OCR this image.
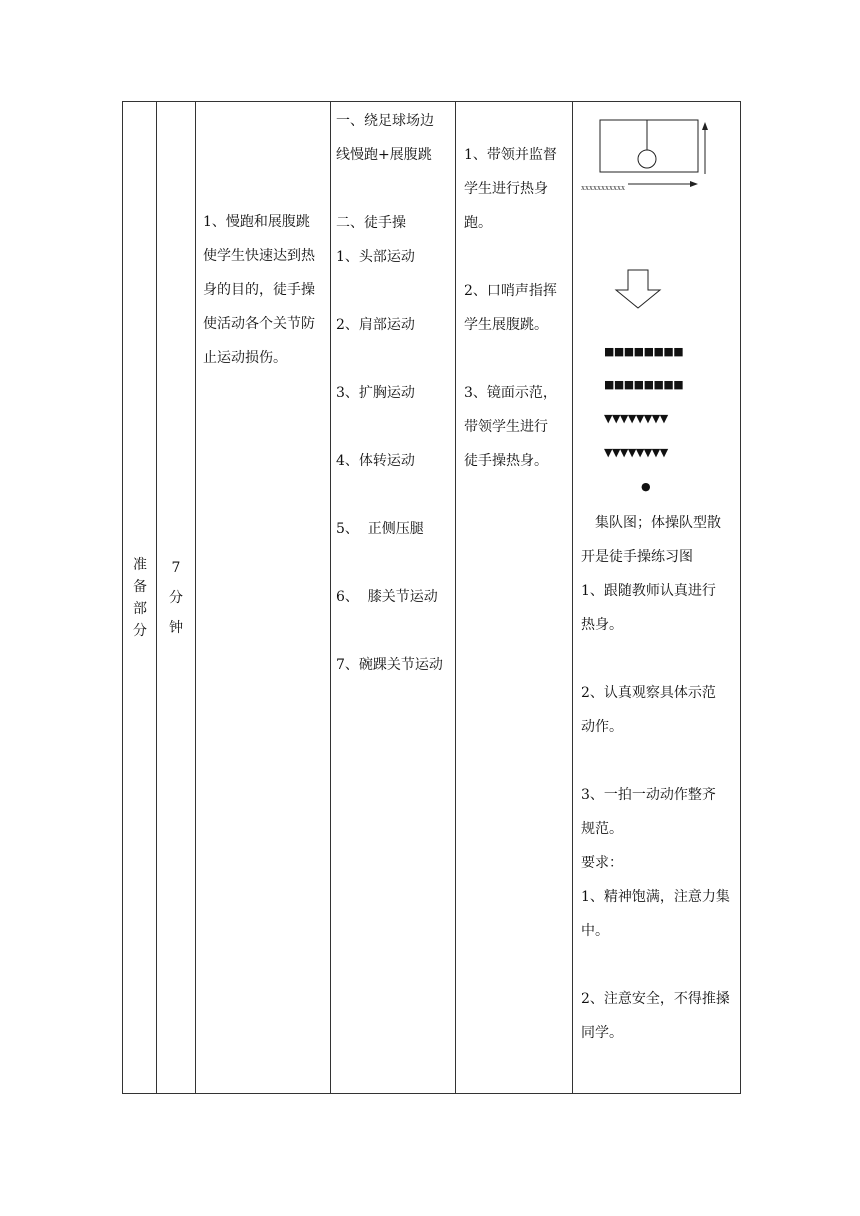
准
备
部
分
7
分
钟

1、慢跑和展腹跳

使学生快速达到热

身的目的，徒手操

使活动各个关节防

止运动损伤。

一、绕足球场边

线慢跑+展腹跳

二、徒手操

1、头部运动

2、肩部运动

3、扩胸运动

4、体转运动

5、  正侧压腿

6、  膝关节运动

7、碗踝关节运动

1、带领并监督

学生进行热身

跑。

2、口哨声指挥

学生展腹跳。

3、镜面示范，

带领学生进行

徒手操热身。

xxxxxxxxxxx
■■■■■■■■
■■■■■■■■
▼▼▼▼▼▼▼▼
▼▼▼▼▼▼▼▼
●

集队图；体操队型散

开是徒手操练习图

1、跟随教师认真进行

热身。

2、认真观察具体示范

动作。

3、一拍一动动作整齐

规范。

要求：

1、精神饱满，注意力集

中。

2、注意安全，不得推搡

同学。
